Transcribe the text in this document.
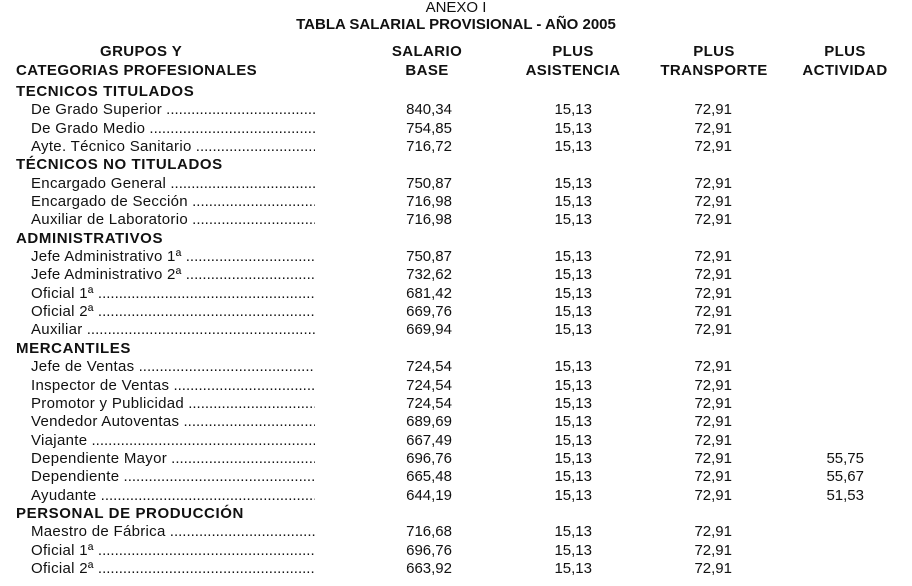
ANEXO I
TABLA SALARIAL PROVISIONAL - AÑO 2005
GRUPOS Y
CATEGORIAS PROFESIONALES
SALARIO
BASE
PLUS
ASISTENCIA
PLUS
TRANSPORTE
PLUS
ACTIVIDAD
TECNICOS TITULADOS
De Grado Superior .....	840,34	15,13	72,91
De Grado Medio .....	754,85	15,13	72,91
Ayte. Técnico Sanitario .....	716,72	15,13	72,91
TÉCNICOS NO TITULADOS
Encargado General .....	750,87	15,13	72,91
Encargado de Sección .....	716,98	15,13	72,91
Auxiliar de Laboratorio .....	716,98	15,13	72,91
ADMINISTRATIVOS
Jefe Administrativo 1ª .....	750,87	15,13	72,91
Jefe Administrativo 2ª .....	732,62	15,13	72,91
Oficial 1ª .....	681,42	15,13	72,91
Oficial 2ª .....	669,76	15,13	72,91
Auxiliar .....	669,94	15,13	72,91
MERCANTILES
Jefe de Ventas .....	724,54	15,13	72,91
Inspector de Ventas .....	724,54	15,13	72,91
Promotor y Publicidad .....	724,54	15,13	72,91
Vendedor Autoventas .....	689,69	15,13	72,91
Viajante .....	667,49	15,13	72,91
Dependiente Mayor .....	696,76	15,13	72,91	55,75
Dependiente .....	665,48	15,13	72,91	55,67
Ayudante .....	644,19	15,13	72,91	51,53
PERSONAL DE PRODUCCIÓN
Maestro de Fábrica .....	716,68	15,13	72,91
Oficial 1ª .....	696,76	15,13	72,91
Oficial 2ª .....	663,92	15,13	72,91
